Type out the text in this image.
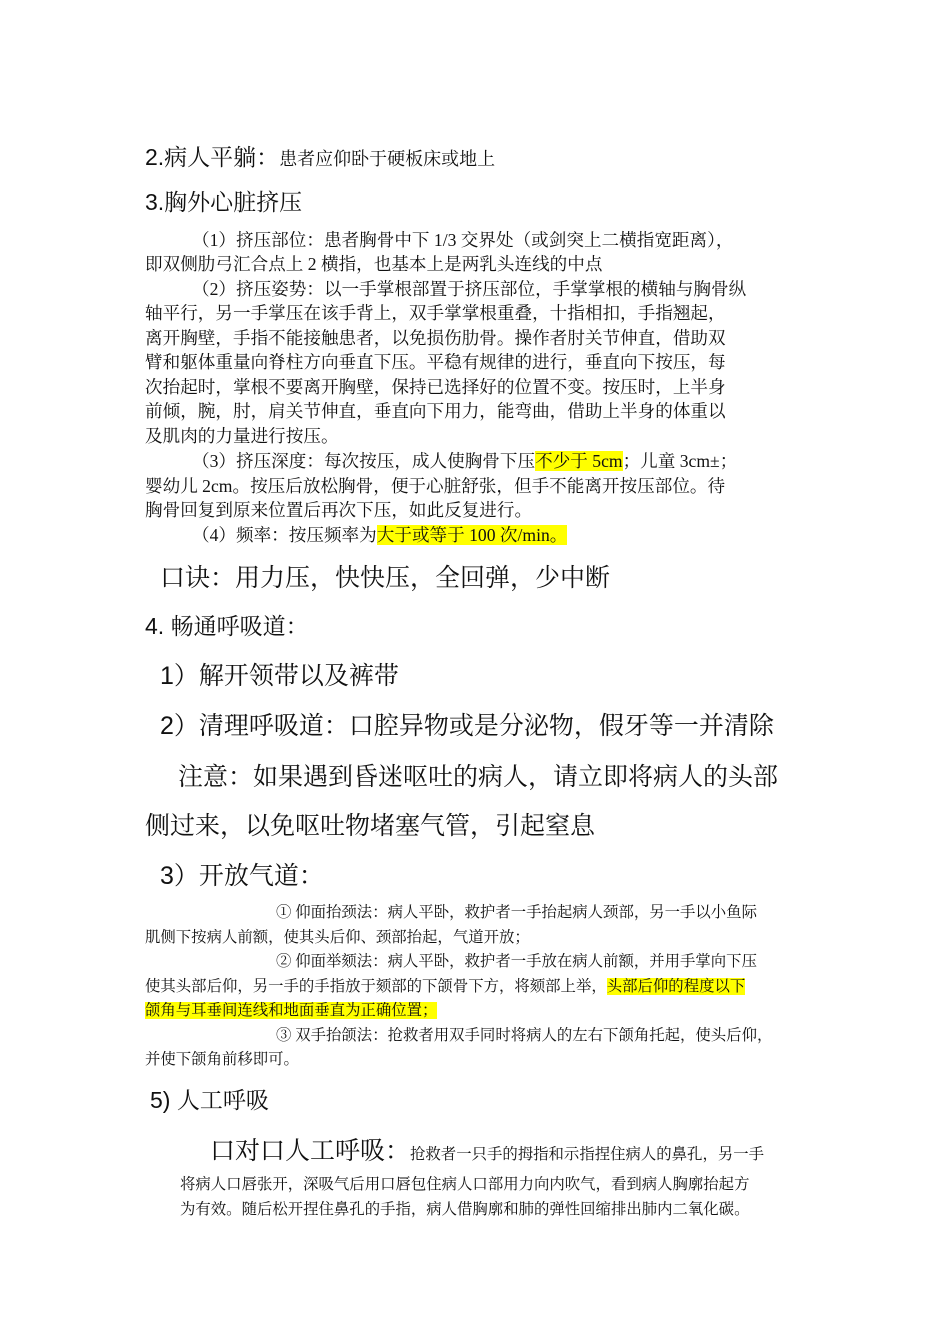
2.病人平躺：患者应仰卧于硬板床或地上
3.胸外心脏挤压
（1）挤压部位：患者胸骨中下 1/3 交界处（或剑突上二横指宽距离），
即双侧肋弓汇合点上 2 横指，也基本上是两乳头连线的中点
（2）挤压姿势：以一手掌根部置于挤压部位，手掌掌根的横轴与胸骨纵
轴平行，另一手掌压在该手背上，双手掌掌根重叠，十指相扣，手指翘起，
离开胸壁，手指不能接触患者，以免损伤肋骨。操作者肘关节伸直，借助双
臂和躯体重量向脊柱方向垂直下压。平稳有规律的进行，垂直向下按压，每
次抬起时，掌根不要离开胸壁，保持已选择好的位置不变。按压时，上半身
前倾，腕，肘，肩关节伸直，垂直向下用力，能弯曲，借助上半身的体重以
及肌肉的力量进行按压。
（3）挤压深度：每次按压，成人使胸骨下压不少于 5cm；儿童 3cm±；
婴幼儿 2cm。按压后放松胸骨，便于心脏舒张，但手不能离开按压部位。待
胸骨回复到原来位置后再次下压，如此反复进行。
（4）频率：按压频率为大于或等于 100 次/min。
口诀：用力压，快快压，全回弹，少中断
4. 畅通呼吸道：
1）解开领带以及裤带
2）清理呼吸道：口腔异物或是分泌物，假牙等一并清除
注意：如果遇到昏迷呕吐的病人，请立即将病人的头部
侧过来，以免呕吐物堵塞气管，引起窒息
3）开放气道：
① 仰面抬颈法：病人平卧，救护者一手抬起病人颈部，另一手以小鱼际
肌侧下按病人前额，使其头后仰、颈部抬起，气道开放；
② 仰面举颏法：病人平卧，救护者一手放在病人前额，并用手掌向下压
使其头部后仰，另一手的手指放于颏部的下颌骨下方，将颏部上举，头部后仰的程度以下
颌角与耳垂间连线和地面垂直为正确位置；
③ 双手抬颌法：抢救者用双手同时将病人的左右下颌角托起，使头后仰，
并使下颌角前移即可。
5) 人工呼吸
口对口人工呼吸：抢救者一只手的拇指和示指捏住病人的鼻孔，另一手
将病人口唇张开，深吸气后用口唇包住病人口部用力向内吹气，看到病人胸廓抬起方
为有效。随后松开捏住鼻孔的手指，病人借胸廓和肺的弹性回缩排出肺内二氧化碳。
